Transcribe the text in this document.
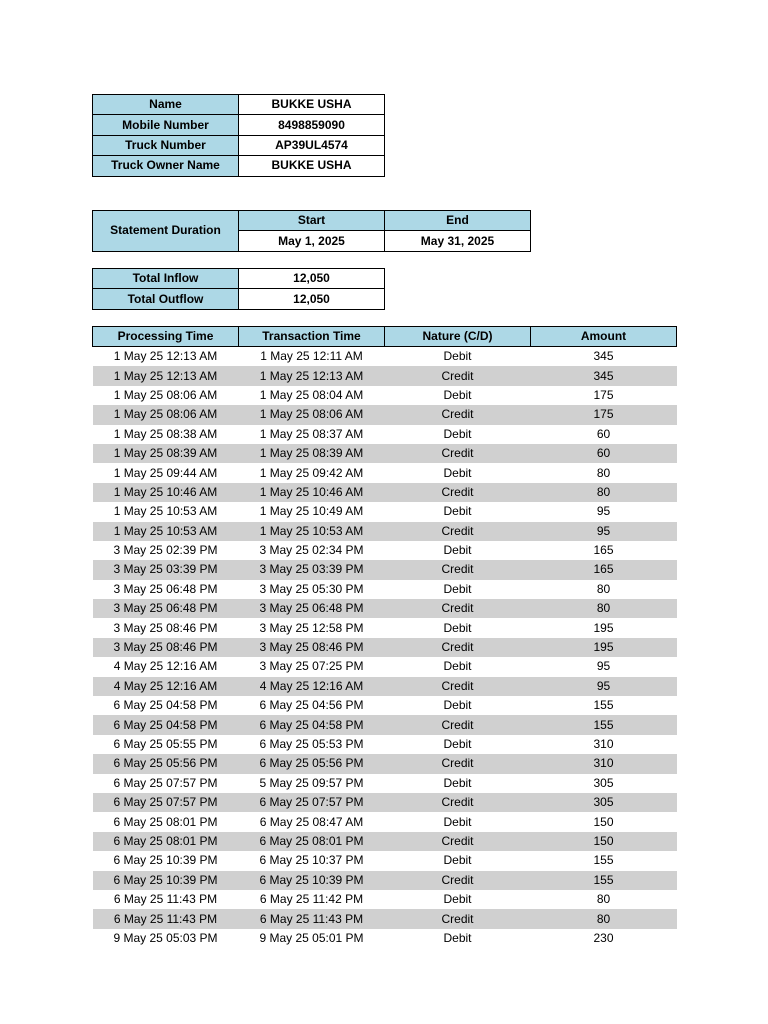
Name	BUKKE USHA
Mobile Number	8498859090
Truck Number	AP39UL4574
Truck Owner Name	BUKKE USHA
Statement Duration	Start	End
	May 1, 2025	May 31, 2025
Total Inflow	12,050
Total Outflow	12,050
Processing Time	Transaction Time	Nature (C/D)	Amount
1 May 25 12:13 AM	1 May 25 12:11 AM	Debit	345
1 May 25 12:13 AM	1 May 25 12:13 AM	Credit	345
1 May 25 08:06 AM	1 May 25 08:04 AM	Debit	175
1 May 25 08:06 AM	1 May 25 08:06 AM	Credit	175
1 May 25 08:38 AM	1 May 25 08:37 AM	Debit	60
1 May 25 08:39 AM	1 May 25 08:39 AM	Credit	60
1 May 25 09:44 AM	1 May 25 09:42 AM	Debit	80
1 May 25 10:46 AM	1 May 25 10:46 AM	Credit	80
1 May 25 10:53 AM	1 May 25 10:49 AM	Debit	95
1 May 25 10:53 AM	1 May 25 10:53 AM	Credit	95
3 May 25 02:39 PM	3 May 25 02:34 PM	Debit	165
3 May 25 03:39 PM	3 May 25 03:39 PM	Credit	165
3 May 25 06:48 PM	3 May 25 05:30 PM	Debit	80
3 May 25 06:48 PM	3 May 25 06:48 PM	Credit	80
3 May 25 08:46 PM	3 May 25 12:58 PM	Debit	195
3 May 25 08:46 PM	3 May 25 08:46 PM	Credit	195
4 May 25 12:16 AM	3 May 25 07:25 PM	Debit	95
4 May 25 12:16 AM	4 May 25 12:16 AM	Credit	95
6 May 25 04:58 PM	6 May 25 04:56 PM	Debit	155
6 May 25 04:58 PM	6 May 25 04:58 PM	Credit	155
6 May 25 05:55 PM	6 May 25 05:53 PM	Debit	310
6 May 25 05:56 PM	6 May 25 05:56 PM	Credit	310
6 May 25 07:57 PM	5 May 25 09:57 PM	Debit	305
6 May 25 07:57 PM	6 May 25 07:57 PM	Credit	305
6 May 25 08:01 PM	6 May 25 08:47 AM	Debit	150
6 May 25 08:01 PM	6 May 25 08:01 PM	Credit	150
6 May 25 10:39 PM	6 May 25 10:37 PM	Debit	155
6 May 25 10:39 PM	6 May 25 10:39 PM	Credit	155
6 May 25 11:43 PM	6 May 25 11:42 PM	Debit	80
6 May 25 11:43 PM	6 May 25 11:43 PM	Credit	80
9 May 25 05:03 PM	9 May 25 05:01 PM	Debit	230
